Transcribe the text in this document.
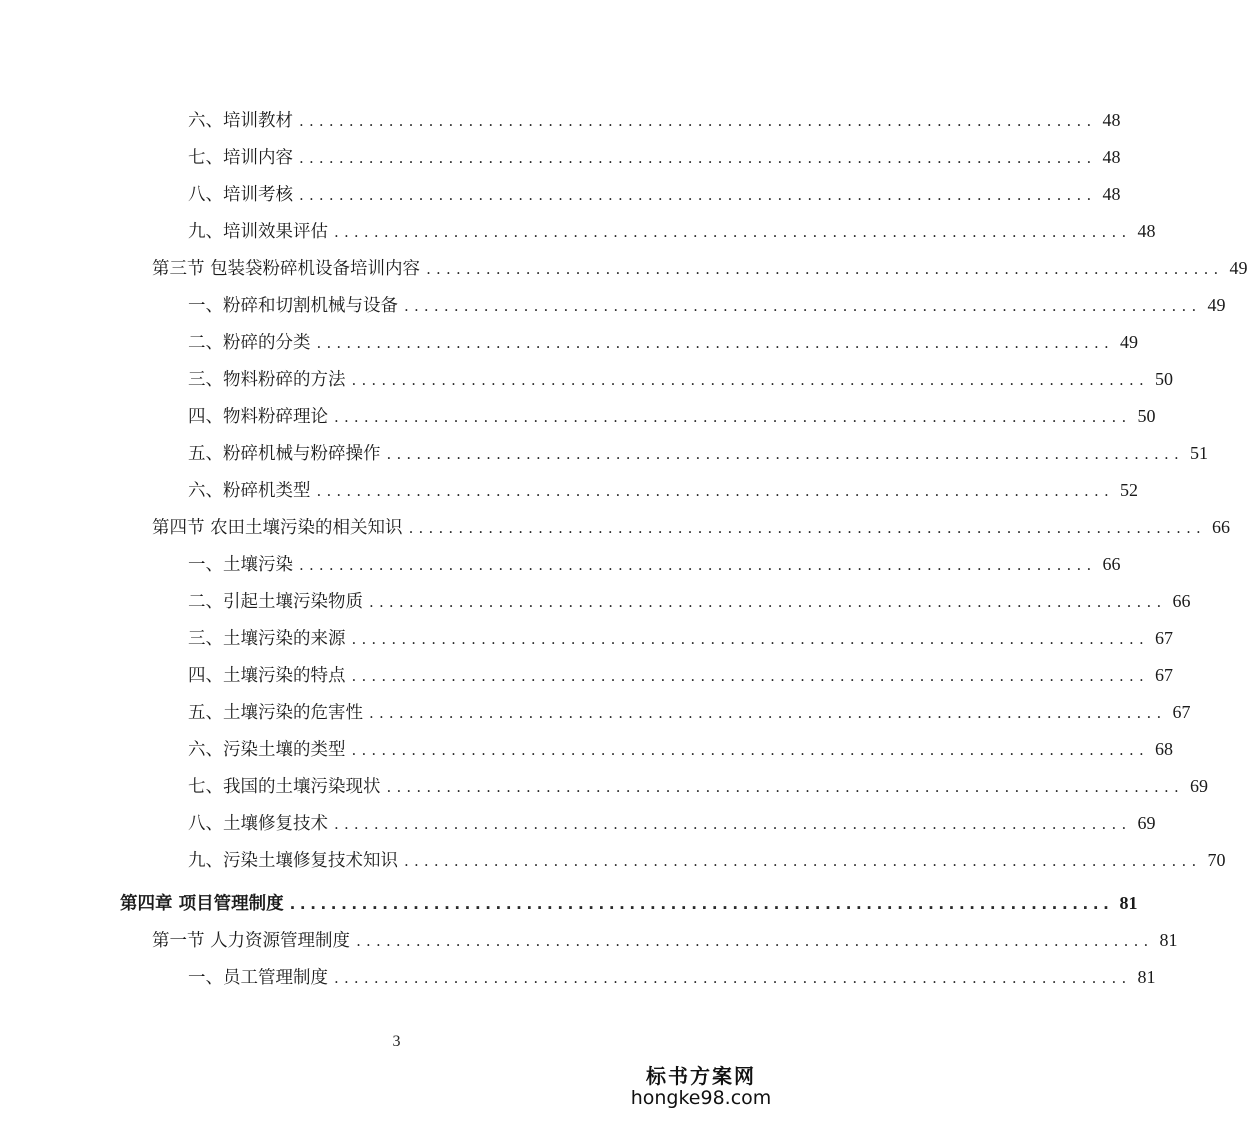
六、培训教材 ................................................................................ 48
七、培训内容 ................................................................................ 48
八、培训考核 ................................................................................ 48
九、培训效果评估 ................................................................................ 48
第三节 包装袋粉碎机设备培训内容 ................................................................................ 49
一、粉碎和切割机械与设备 ................................................................................ 49
二、粉碎的分类 ................................................................................ 49
三、物料粉碎的方法 ................................................................................ 50
四、物料粉碎理论 ................................................................................ 50
五、粉碎机械与粉碎操作 ................................................................................ 51
六、粉碎机类型 ................................................................................ 52
第四节 农田土壤污染的相关知识 ................................................................................ 66
一、土壤污染 ................................................................................ 66
二、引起土壤污染物质 ................................................................................ 66
三、土壤污染的来源 ................................................................................ 67
四、土壤污染的特点 ................................................................................ 67
五、土壤污染的危害性 ................................................................................ 67
六、污染土壤的类型 ................................................................................ 68
七、我国的土壤污染现状 ................................................................................ 69
八、土壤修复技术 ................................................................................ 69
九、污染土壤修复技术知识 ................................................................................ 70
第四章 项目管理制度 ................................................................................ 81
第一节 人力资源管理制度 ................................................................................ 81
一、员工管理制度 ................................................................................ 81
3
标书方案网
hongke98.com
